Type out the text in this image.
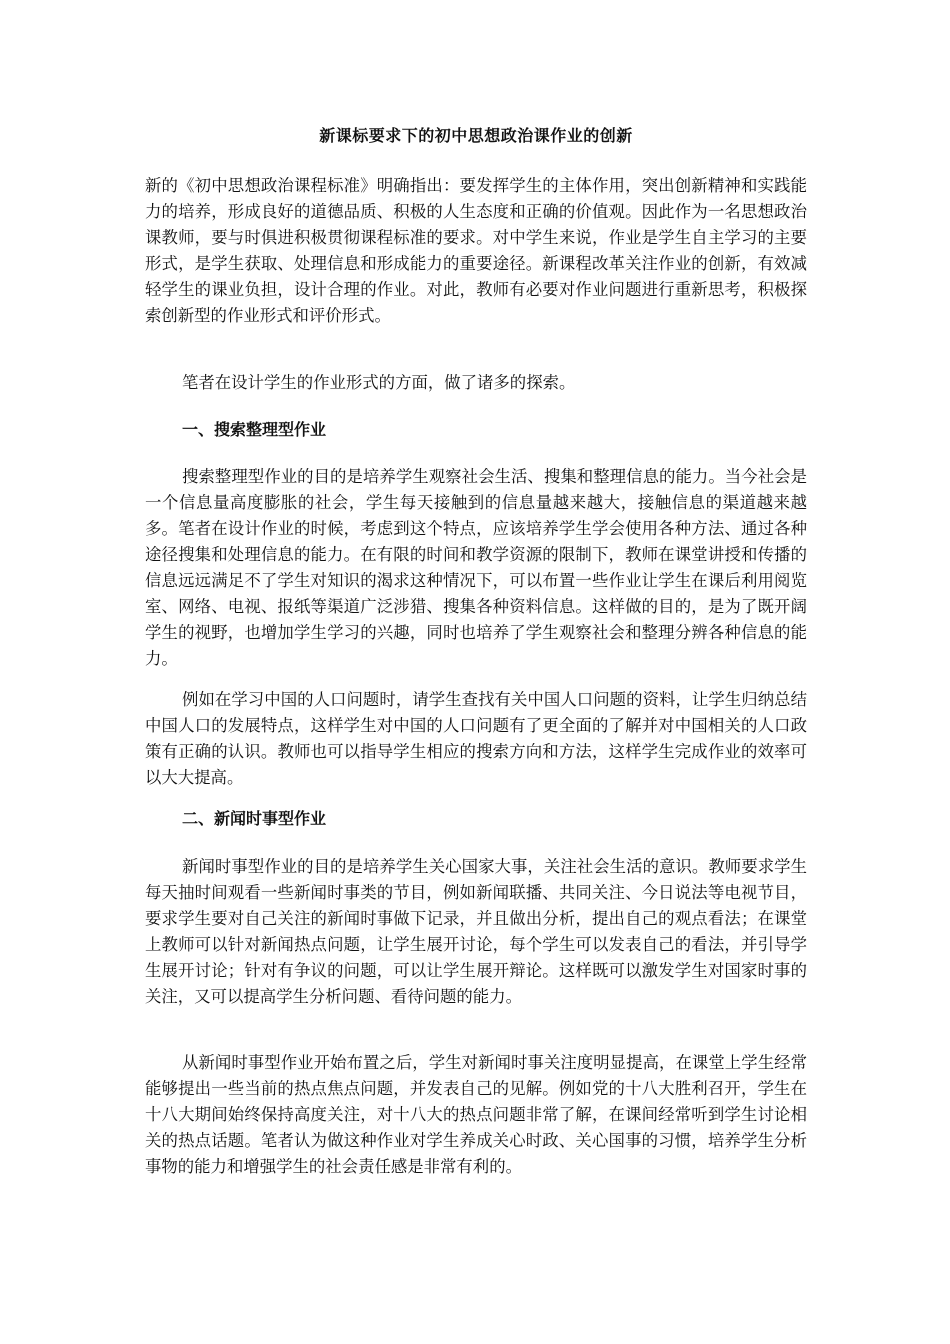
新课标要求下的初中思想政治课作业的创新

新的《初中思想政治课程标准》明确指出：要发挥学生的主体作用，突出创新精神和实践能力的培养，形成良好的道德品质、积极的人生态度和正确的价值观。因此作为一名思想政治课教师，要与时俱进积极贯彻课程标准的要求。对中学生来说，作业是学生自主学习的主要形式，是学生获取、处理信息和形成能力的重要途径。新课程改革关注作业的创新，有效减轻学生的课业负担，设计合理的作业。对此，教师有必要对作业问题进行重新思考，积极探索创新型的作业形式和评价形式。

笔者在设计学生的作业形式的方面，做了诸多的探索。

一、搜索整理型作业

搜索整理型作业的目的是培养学生观察社会生活、搜集和整理信息的能力。当今社会是一个信息量高度膨胀的社会，学生每天接触到的信息量越来越大，接触信息的渠道越来越多。笔者在设计作业的时候，考虑到这个特点，应该培养学生学会使用各种方法、通过各种途径搜集和处理信息的能力。在有限的时间和教学资源的限制下，教师在课堂讲授和传播的信息远远满足不了学生对知识的渴求这种情况下，可以布置一些作业让学生在课后利用阅览室、网络、电视、报纸等渠道广泛涉猎、搜集各种资料信息。这样做的目的，是为了既开阔学生的视野，也增加学生学习的兴趣，同时也培养了学生观察社会和整理分辨各种信息的能力。

例如在学习中国的人口问题时，请学生查找有关中国人口问题的资料，让学生归纳总结中国人口的发展特点，这样学生对中国的人口问题有了更全面的了解并对中国相关的人口政策有正确的认识。教师也可以指导学生相应的搜索方向和方法，这样学生完成作业的效率可以大大提高。

二、新闻时事型作业

新闻时事型作业的目的是培养学生关心国家大事，关注社会生活的意识。教师要求学生每天抽时间观看一些新闻时事类的节目，例如新闻联播、共同关注、今日说法等电视节目，要求学生要对自己关注的新闻时事做下记录，并且做出分析，提出自己的观点看法；在课堂上教师可以针对新闻热点问题，让学生展开讨论，每个学生可以发表自己的看法，并引导学生展开讨论；针对有争议的问题，可以让学生展开辩论。这样既可以激发学生对国家时事的关注，又可以提高学生分析问题、看待问题的能力。

从新闻时事型作业开始布置之后，学生对新闻时事关注度明显提高，在课堂上学生经常能够提出一些当前的热点焦点问题，并发表自己的见解。例如党的十八大胜利召开，学生在十八大期间始终保持高度关注，对十八大的热点问题非常了解，在课间经常听到学生讨论相关的热点话题。笔者认为做这种作业对学生养成关心时政、关心国事的习惯，培养学生分析事物的能力和增强学生的社会责任感是非常有利的。
